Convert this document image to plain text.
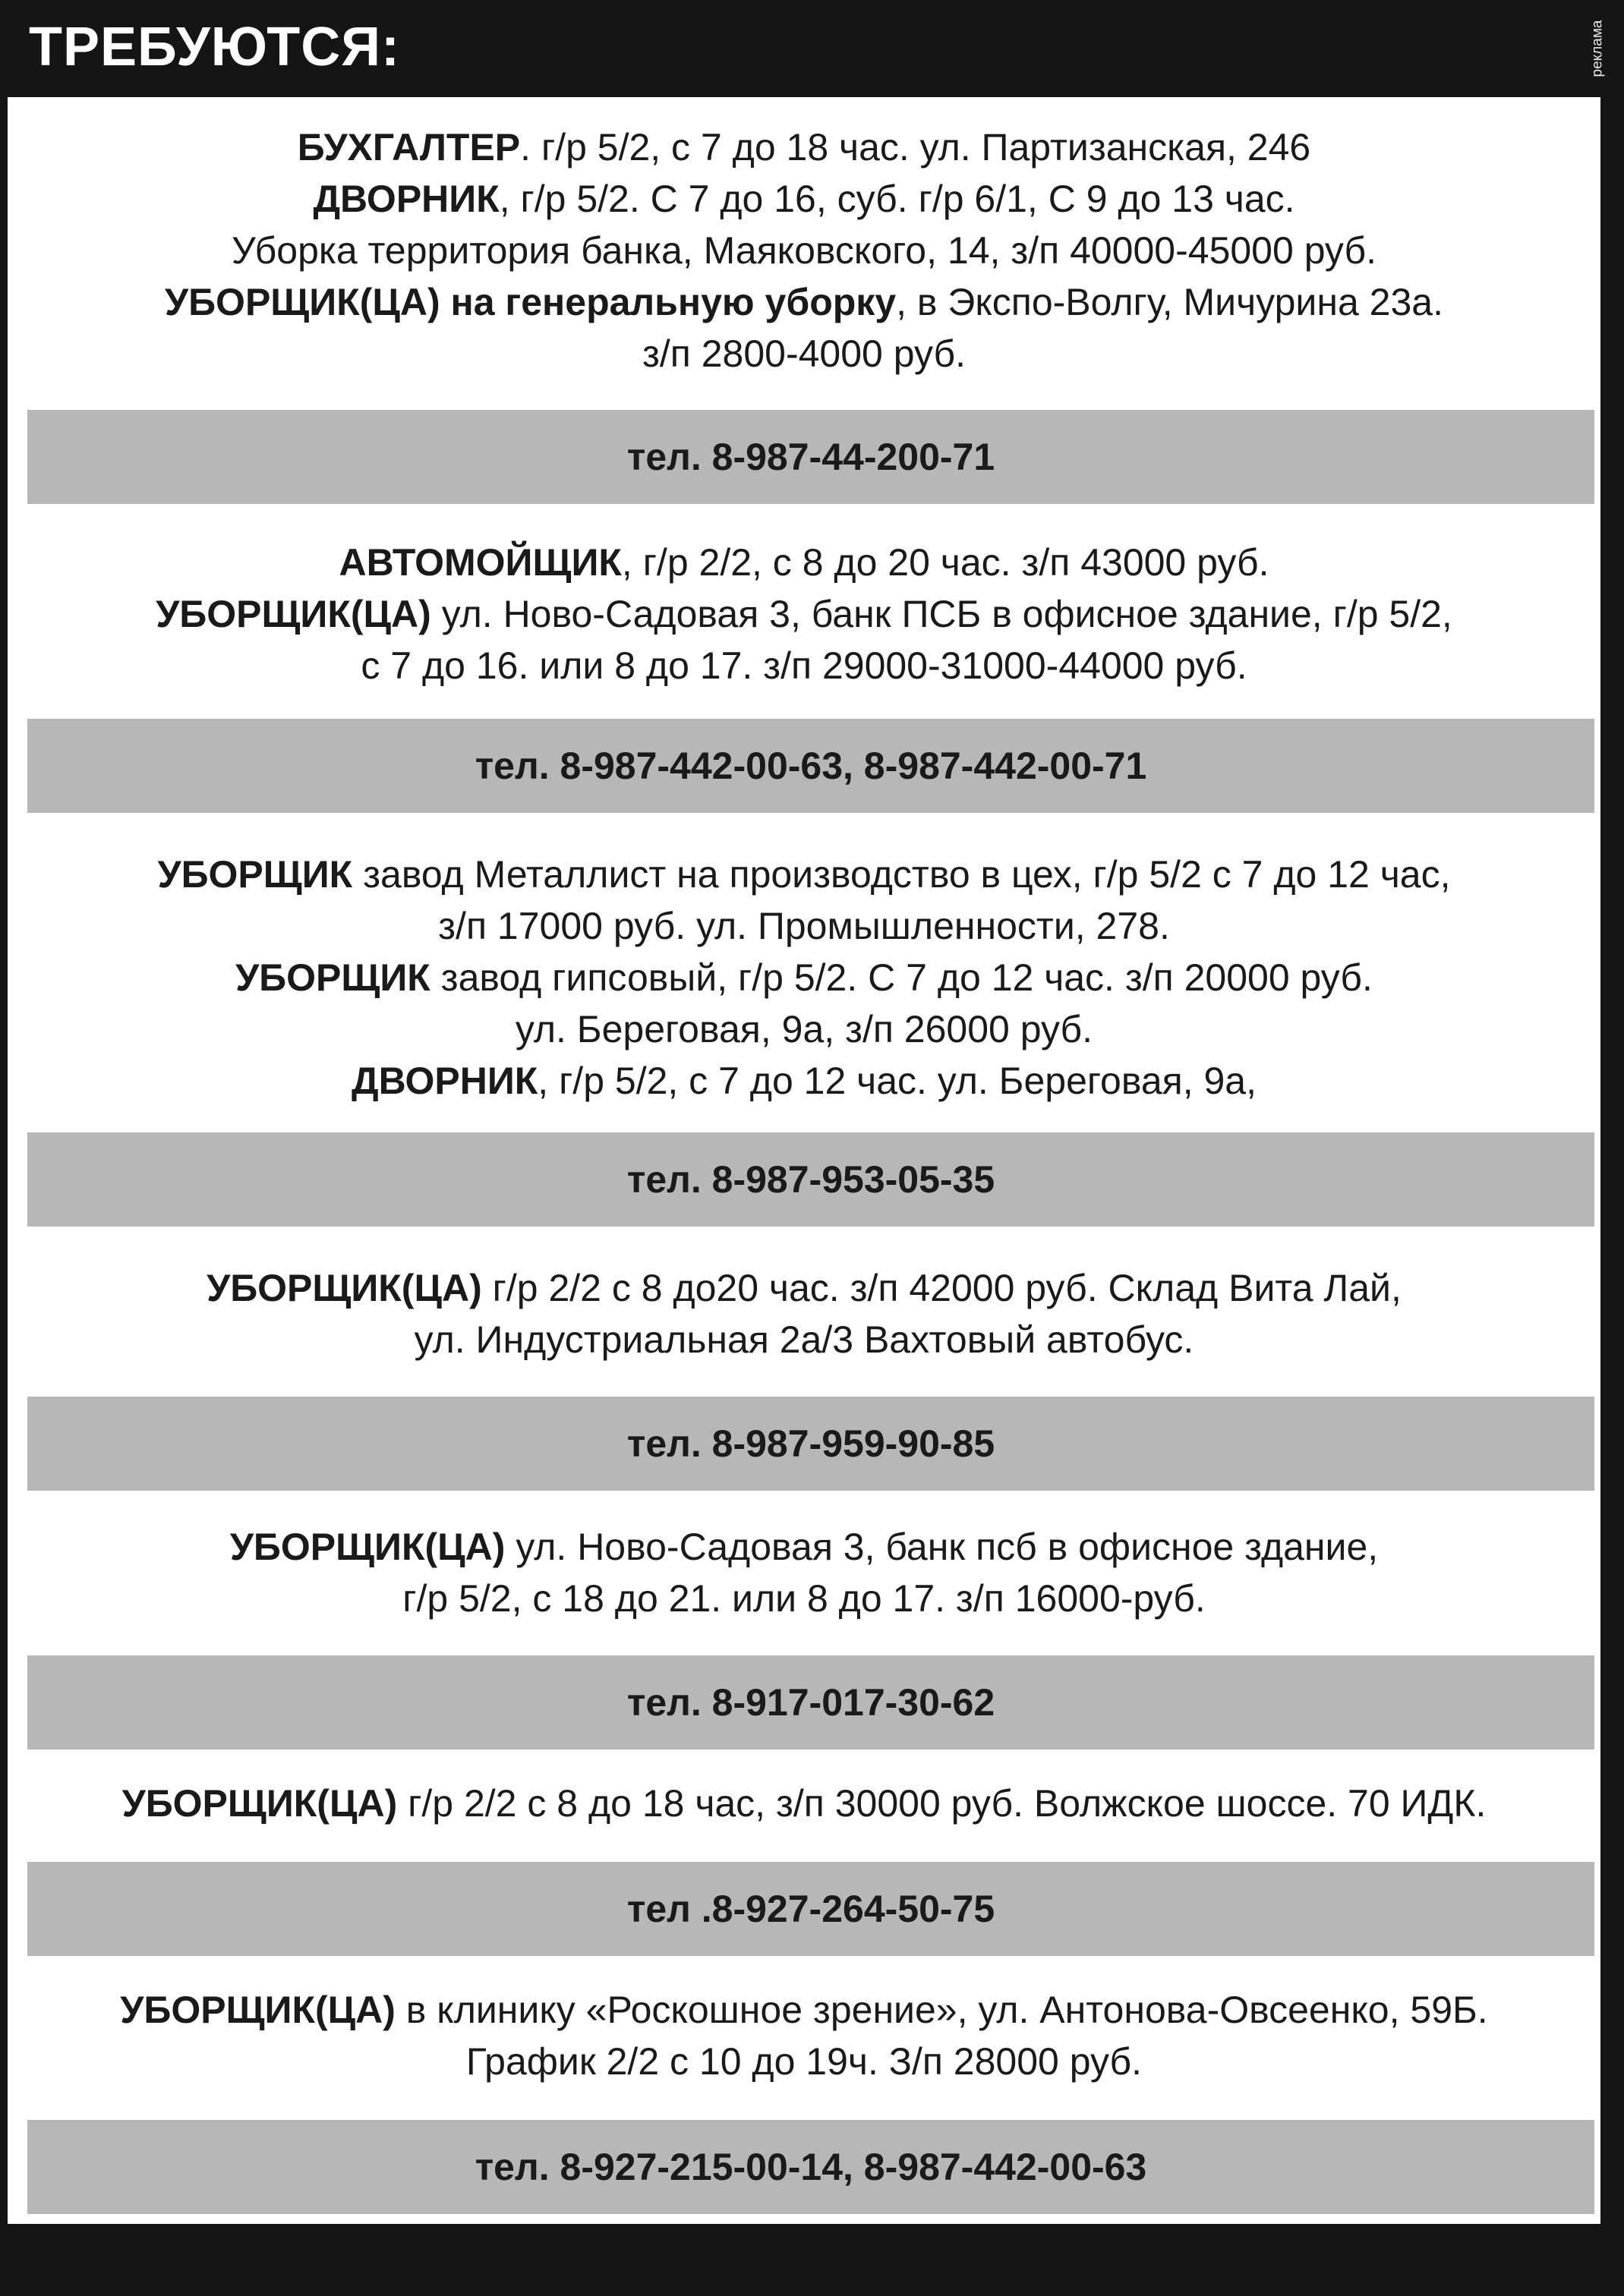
ТРЕБУЮТСЯ:	реклама
БУХГАЛТЕР. г/р 5/2, с 7 до 18 час. ул. Партизанская, 246
ДВОРНИК, г/р 5/2. С 7 до 16, суб. г/р 6/1, С 9 до 13 час.
Уборка территория банка, Маяковского, 14, з/п 40000-45000 руб.
УБОРЩИК(ЦА) на генеральную уборку, в Экспо-Волгу, Мичурина 23а.
з/п 2800-4000 руб.
тел. 8-987-44-200-71
АВТОМОЙЩИК, г/р 2/2, с 8 до 20 час. з/п 43000 руб.
УБОРЩИК(ЦА) ул. Ново-Садовая 3, банк ПСБ в офисное здание, г/р 5/2,
с 7 до 16. или 8 до 17. з/п 29000-31000-44000 руб.
тел. 8-987-442-00-63, 8-987-442-00-71
УБОРЩИК завод Металлист на производство в цех, г/р 5/2 с 7 до 12 час,
з/п 17000 руб. ул. Промышленности, 278.
УБОРЩИК завод гипсовый, г/р 5/2. С 7 до 12 час. з/п 20000 руб.
ул. Береговая, 9а, з/п 26000 руб.
ДВОРНИК, г/р 5/2, с 7 до 12 час. ул. Береговая, 9а,
тел. 8-987-953-05-35
УБОРЩИК(ЦА) г/р 2/2 с 8 до20 час. з/п 42000 руб. Склад Вита Лай,
ул. Индустриальная 2а/3 Вахтовый автобус.
тел. 8-987-959-90-85
УБОРЩИК(ЦА) ул. Ново-Садовая 3, банк псб в офисное здание,
г/р 5/2, с 18 до 21. или 8 до 17. з/п 16000-руб.
тел. 8-917-017-30-62
УБОРЩИК(ЦА) г/р 2/2 с 8 до 18 час, з/п 30000 руб. Волжское шоссе. 70 ИДК.
тел .8-927-264-50-75
УБОРЩИК(ЦА) в клинику «Роскошное зрение», ул. Антонова-Овсеенко, 59Б.
График 2/2 с 10 до 19ч. З/п 28000 руб.
тел. 8-927-215-00-14, 8-987-442-00-63
